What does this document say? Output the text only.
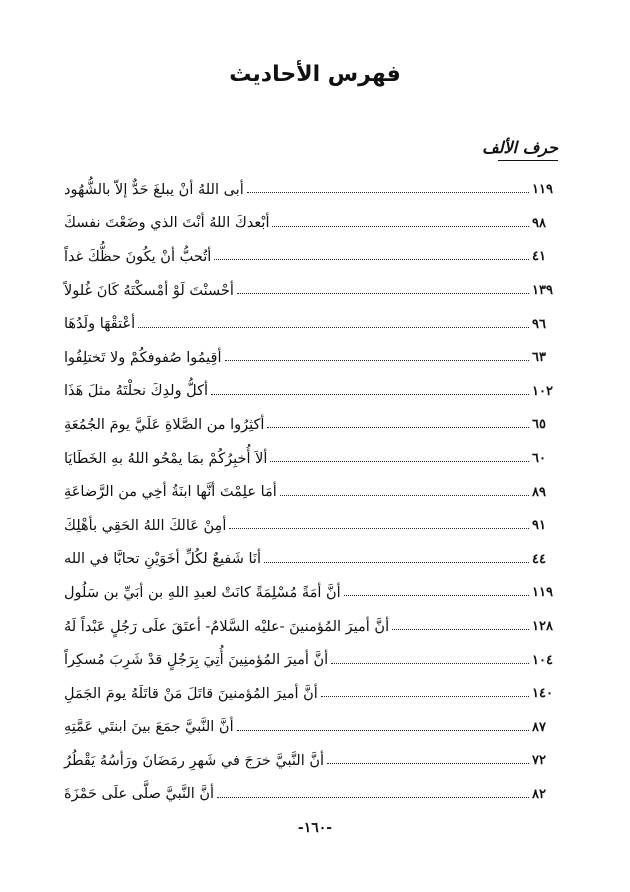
فهرس الأحاديث
حرف الألف
أبى اللهُ أنْ يبلغَ حَدٌّ إلاّ بالشُّهُود	١١٩
أبْعدكَ اللهُ أنْتَ الذي وضَعْتَ نفسكَ	٩٨
أتُحبُّ أنْ يكُونَ حظُّكَ غداً	٤١
أحْسنْتَ لَوْ أمْسكْتَهُ كَانَ غُلولاً	١٣٩
أعْتقْهَا ولَدُهَا	٩٦
أقِيمُوا صُفوفكُمْ ولا تَختلِفُوا	٦٣
أكلُّ ولدِكَ نحلْتَهُ مثلَ هَذَا	١٠٢
أكثِرُوا من الصَّلاةِ عَلَيَّ يومَ الجُمُعَةِ	٦٥
ألاَ أُخبِرُكُمْ بمَا يمْحُو اللهُ بهِ الخَطَايَا	٦٠
أمَا علِمْتَ أنَّها ابنَةُ أخِي من الرَّضاعَةِ	٨٩
أمِنْ عَالكَ اللهُ الحَقِي بأهْلِكَ	٩١
أنَا شَفيعٌ لكُلِّ أخَوَيْنِ تحابَّا في الله	٤٤
أنَّ أمَةً مُسْلِمَةً كانَتْ لعبدِ اللهِ بن أبَيِّ بن سَلُول	١١٩
أنَّ أميرَ المُؤمنينَ -عليْه السَّلامُ- أعتَقَ علَى رَجُلٍ عَبْداً لَهُ	١٢٨
أنَّ أميرَ المُؤمنِينَ أُتِيَ بِرَجُلٍ قدْ شَرِبَ مُسكِراً	١٠٤
أنَّ أميرَ المُؤمنينَ قاتَلَ مَنْ قاتَلَهُ يومَ الجَمَلِ	١٤٠
أنَّ النَّبيَّ جمَعَ بينَ ابنتَي عَمَّتِهِ	٨٧
أنَّ النَّبيَّ خرَجَ في شَهرِ رمَضَانَ ورَأسُهُ يَقْطُرُ	٧٢
أنَّ النَّبيَّ صلَّى علَى حَمْزَةَ	٨٢
-١٦٠-
